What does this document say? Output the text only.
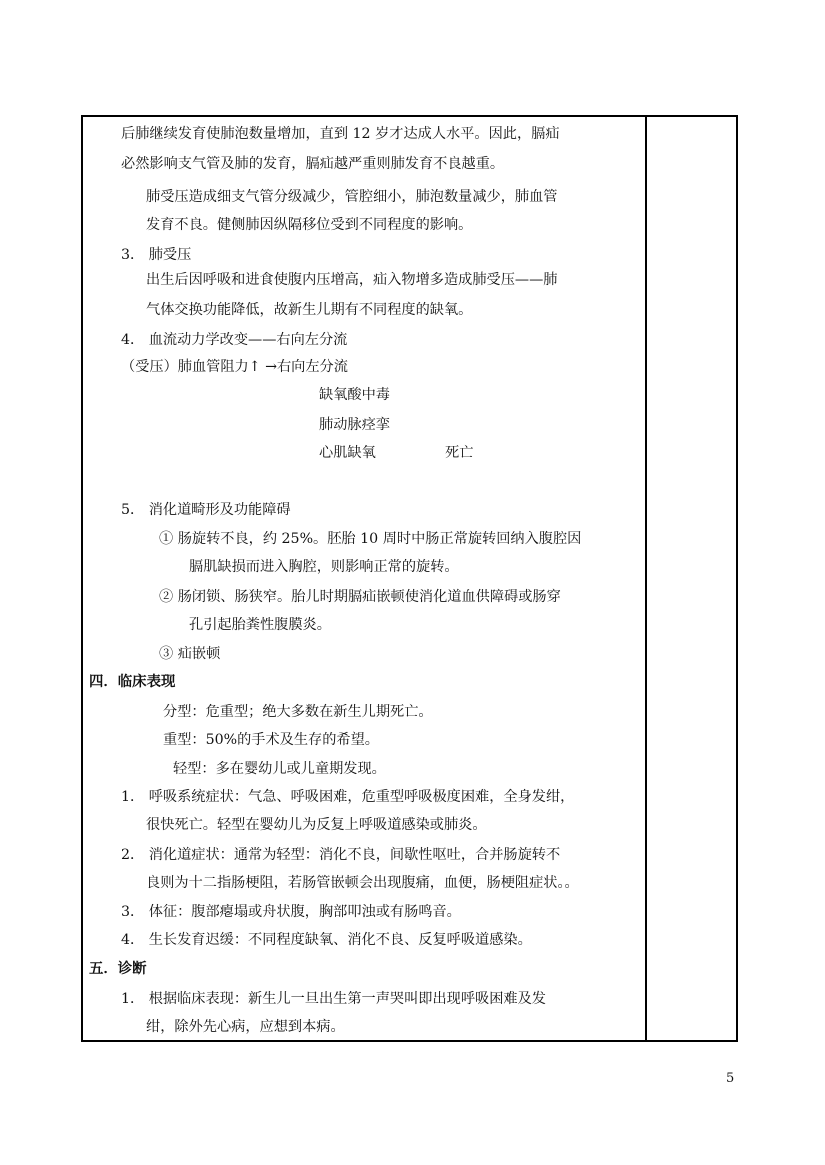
后肺继续发育使肺泡数量增加，直到 12 岁才达成人水平。因此，膈疝
必然影响支气管及肺的发育，膈疝越严重则肺发育不良越重。
肺受压造成细支气管分级减少，管腔细小，肺泡数量减少，肺血管
发育不良。健侧肺因纵隔移位受到不同程度的影响。
3． 肺受压
出生后因呼吸和进食使腹内压增高，疝入物增多造成肺受压——肺
气体交换功能降低，故新生儿期有不同程度的缺氧。
4． 血流动力学改变——右向左分流
（受压）肺血管阻力↑ →右向左分流
缺氧酸中毒
肺动脉痉挛
心肌缺氧	死亡
5． 消化道畸形及功能障碍
① 肠旋转不良，约 25%。胚胎 10 周时中肠正常旋转回纳入腹腔因
膈肌缺损而进入胸腔，则影响正常的旋转。
② 肠闭锁、肠狭窄。胎儿时期膈疝嵌顿使消化道血供障碍或肠穿
孔引起胎粪性腹膜炎。
③ 疝嵌顿
四．临床表现
分型：危重型；绝大多数在新生儿期死亡。
重型：50%的手术及生存的希望。
轻型：多在婴幼儿或儿童期发现。
1． 呼吸系统症状：气急、呼吸困难，危重型呼吸极度困难，全身发绀，
很快死亡。轻型在婴幼儿为反复上呼吸道感染或肺炎。
2． 消化道症状：通常为轻型：消化不良，间歇性呕吐，合并肠旋转不
良则为十二指肠梗阻，若肠管嵌顿会出现腹痛，血便，肠梗阻症状。。
3． 体征：腹部瘪塌或舟状腹，胸部叩浊或有肠鸣音。
4． 生长发育迟缓：不同程度缺氧、消化不良、反复呼吸道感染。
五．诊断
1． 根据临床表现：新生儿一旦出生第一声哭叫即出现呼吸困难及发
绀，除外先心病，应想到本病。
5
